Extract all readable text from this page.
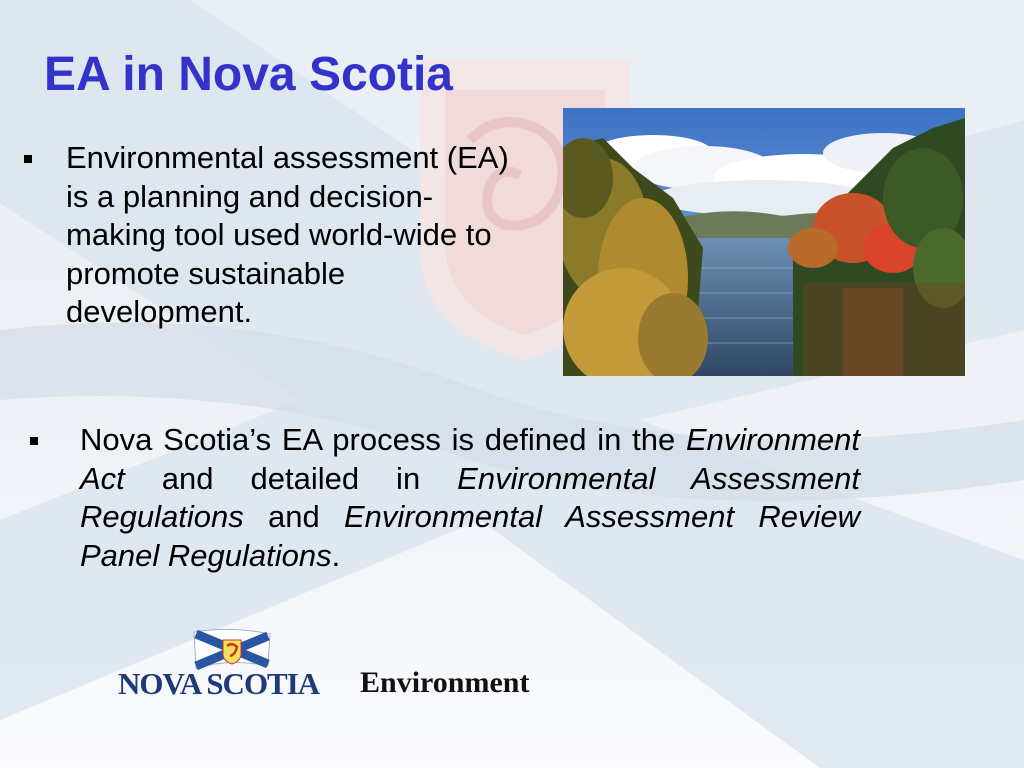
EA in Nova Scotia
Environmental assessment (EA) is a planning and decision- making tool used world-wide to promote sustainable development.
Nova Scotia’s EA process is defined in the Environment Act and detailed in Environmental Assessment Regulations and Environmental Assessment Review Panel Regulations.
NOVA SCOTIA Environment
